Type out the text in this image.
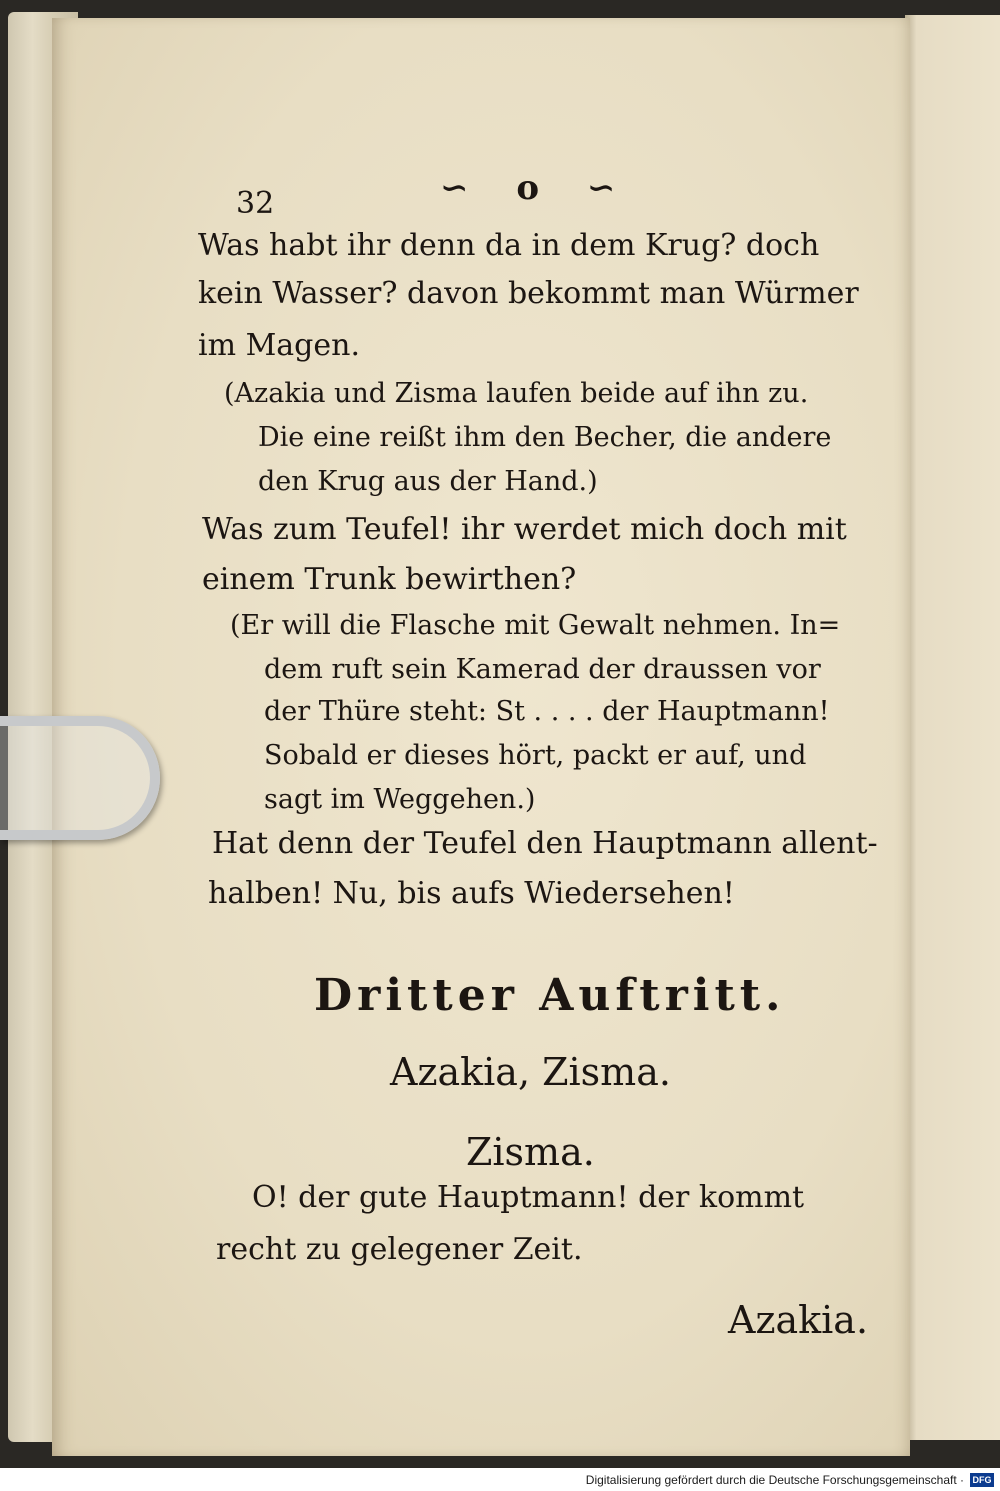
32	∽ o ∽
Was habt ihr denn da in dem Krug? doch
kein Wasser? davon bekommt man Würmer
im Magen.
(Azakia und Zisma laufen beide auf ihn zu.
Die eine reißt ihm den Becher, die andere
den Krug aus der Hand.)
Was zum Teufel! ihr werdet mich doch mit
einem Trunk bewirthen?
(Er will die Flasche mit Gewalt nehmen. In=
dem ruft sein Kamerad der draussen vor
der Thüre steht: St . . . . der Hauptmann!
Sobald er dieses hört, packt er auf, und
sagt im Weggehen.)
Hat denn der Teufel den Hauptmann allent-
halben! Nu, bis aufs Wiedersehen!
Dritter Auftritt.
Azakia, Zisma.
Zisma.
O! der gute Hauptmann! der kommt
recht zu gelegener Zeit.
Azakia.
Digitalisierung gefördert durch die Deutsche Forschungsgemeinschaft · DFG
